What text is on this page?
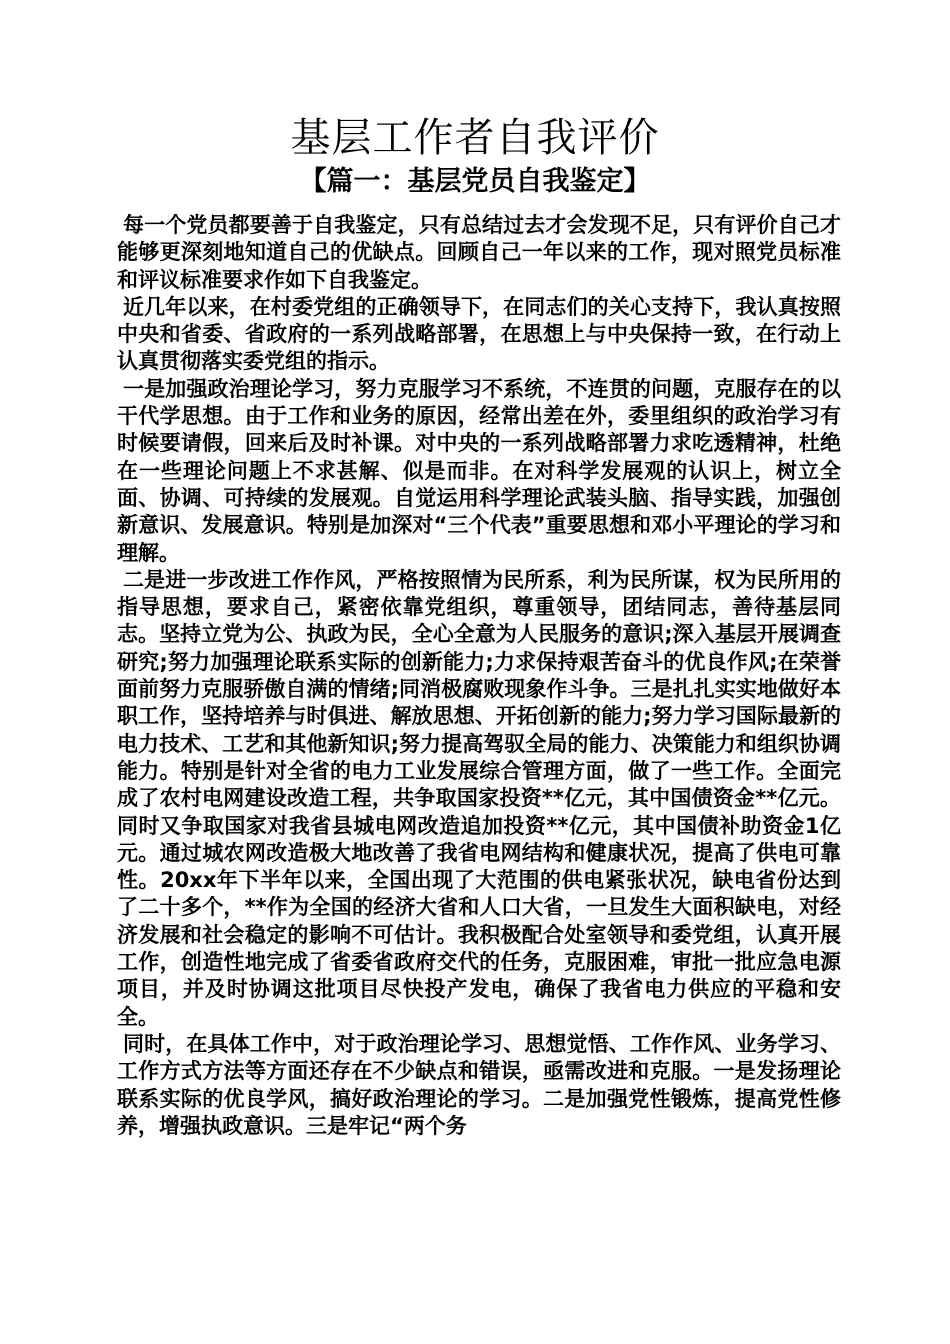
基层工作者自我评价
【篇一：基层党员自我鉴定】

每一个党员都要善于自我鉴定，只有总结过去才会发现不足，只有评价自己才能够更深刻地知道自己的优缺点。回顾自己一年以来的工作，现对照党员标准和评议标准要求作如下自我鉴定。

近几年以来，在村委党组的正确领导下，在同志们的关心支持下，我认真按照中央和省委、省政府的一系列战略部署，在思想上与中央保持一致，在行动上认真贯彻落实委党组的指示。

一是加强政治理论学习，努力克服学习不系统，不连贯的问题，克服存在的以干代学思想。由于工作和业务的原因，经常出差在外，委里组织的政治学习有时候要请假，回来后及时补课。对中央的一系列战略部署力求吃透精神，杜绝在一些理论问题上不求甚解、似是而非。在对科学发展观的认识上，树立全面、协调、可持续的发展观。自觉运用科学理论武装头脑、指导实践，加强创新意识、发展意识。特别是加深对“三个代表”重要思想和邓小平理论的学习和理解。

二是进一步改进工作作风，严格按照情为民所系，利为民所谋，权为民所用的指导思想，要求自己，紧密依靠党组织，尊重领导，团结同志，善待基层同志。坚持立党为公、执政为民，全心全意为人民服务的意识;深入基层开展调查研究;努力加强理论联系实际的创新能力;力求保持艰苦奋斗的优良作风;在荣誉面前努力克服骄傲自满的情绪;同消极腐败现象作斗争。三是扎扎实实地做好本职工作，坚持培养与时俱进、解放思想、开拓创新的能力;努力学习国际最新的电力技术、工艺和其他新知识;努力提高驾驭全局的能力、决策能力和组织协调能力。特别是针对全省的电力工业发展综合管理方面，做了一些工作。全面完成了农村电网建设改造工程，共争取国家投资**亿元，其中国债资金**亿元。同时又争取国家对我省县城电网改造追加投资**亿元，其中国债补助资金1亿元。通过城农网改造极大地改善了我省电网结构和健康状况，提高了供电可靠性。20xx年下半年以来，全国出现了大范围的供电紧张状况，缺电省份达到了二十多个，**作为全国的经济大省和人口大省，一旦发生大面积缺电，对经济发展和社会稳定的影响不可估计。我积极配合处室领导和委党组，认真开展工作，创造性地完成了省委省政府交代的任务，克服困难，审批一批应急电源项目，并及时协调这批项目尽快投产发电，确保了我省电力供应的平稳和安全。

同时，在具体工作中，对于政治理论学习、思想觉悟、工作作风、业务学习、工作方式方法等方面还存在不少缺点和错误，亟需改进和克服。一是发扬理论联系实际的优良学风，搞好政治理论的学习。二是加强党性锻炼，提高党性修养，增强执政意识。三是牢记“两个务
